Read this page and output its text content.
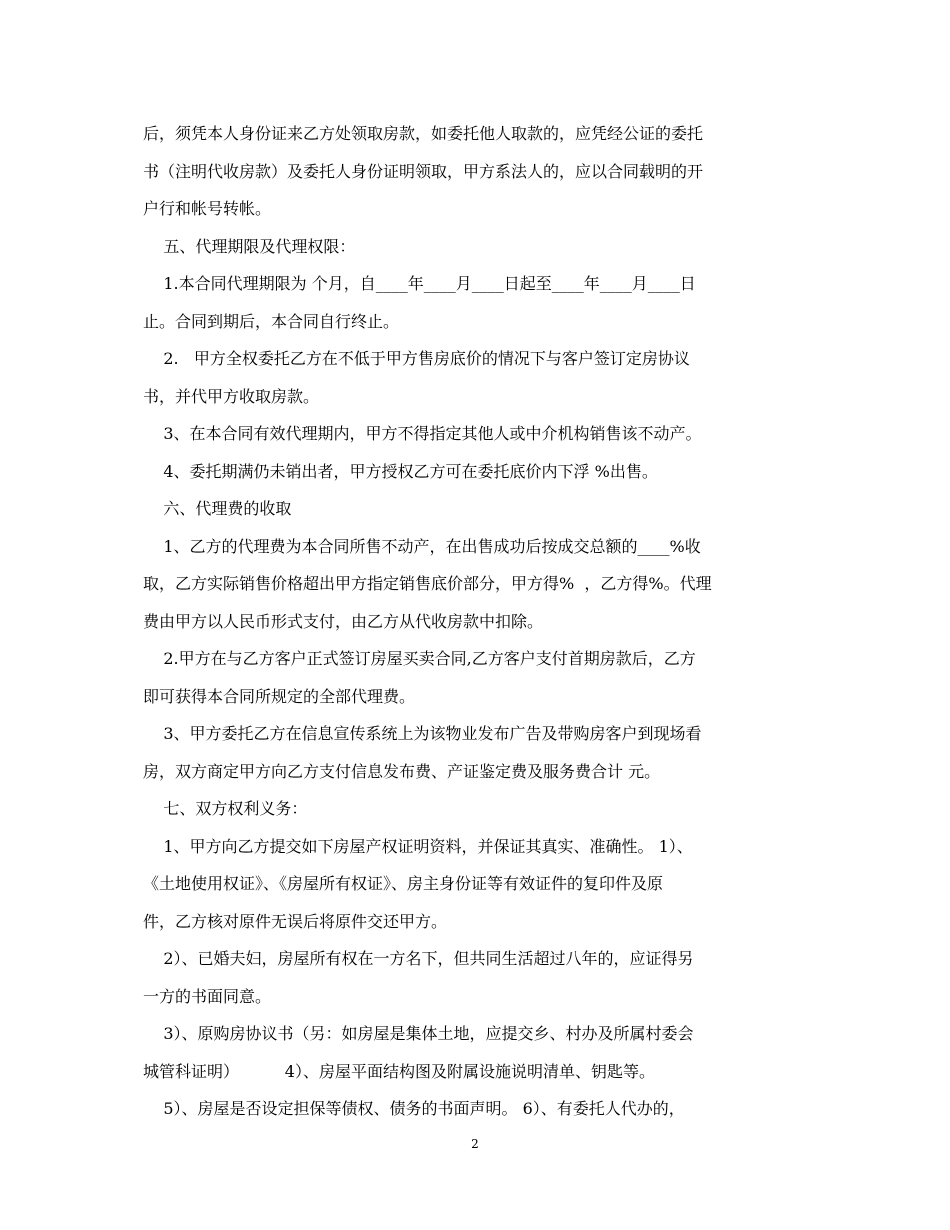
后，须凭本人身份证来乙方处领取房款，如委托他人取款的，应凭经公证的委托
书（注明代收房款）及委托人身份证明领取，甲方系法人的，应以合同载明的开
户行和帐号转帐。

五、代理期限及代理权限：

1.本合同代理期限为 个月，自____年____月____日起至____年____月____日
止。合同到期后，本合同自行终止。

2.   甲方全权委托乙方在不低于甲方售房底价的情况下与客户签订定房协议
书，并代甲方收取房款。

3、在本合同有效代理期内，甲方不得指定其他人或中介机构销售该不动产。

4、委托期满仍未销出者，甲方授权乙方可在委托底价内下浮 %出售。

六、代理费的收取

1、乙方的代理费为本合同所售不动产，在出售成功后按成交总额的____%收
取，乙方实际销售价格超出甲方指定销售底价部分，甲方得%  ，乙方得%。代理
费由甲方以人民币形式支付，由乙方从代收房款中扣除。

2.甲方在与乙方客户正式签订房屋买卖合同,乙方客户支付首期房款后，乙方
即可获得本合同所规定的全部代理费。

3、甲方委托乙方在信息宣传系统上为该物业发布广告及带购房客户到现场看
房，双方商定甲方向乙方支付信息发布费、产证鉴定费及服务费合计 元。

七、双方权利义务：

1、甲方向乙方提交如下房屋产权证明资料，并保证其真实、准确性。 1）、
《土地使用权证》、《房屋所有权证》、房主身份证等有效证件的复印件及原
件，乙方核对原件无误后将原件交还甲方。

2）、已婚夫妇，房屋所有权在一方名下，但共同生活超过八年的，应证得另
一方的书面同意。

3）、原购房协议书（另：如房屋是集体土地，应提交乡、村办及所属村委会
城管科证明）         4）、房屋平面结构图及附属设施说明清单、钥匙等。

5）、房屋是否设定担保等债权、债务的书面声明。 6）、有委托人代办的，

2
